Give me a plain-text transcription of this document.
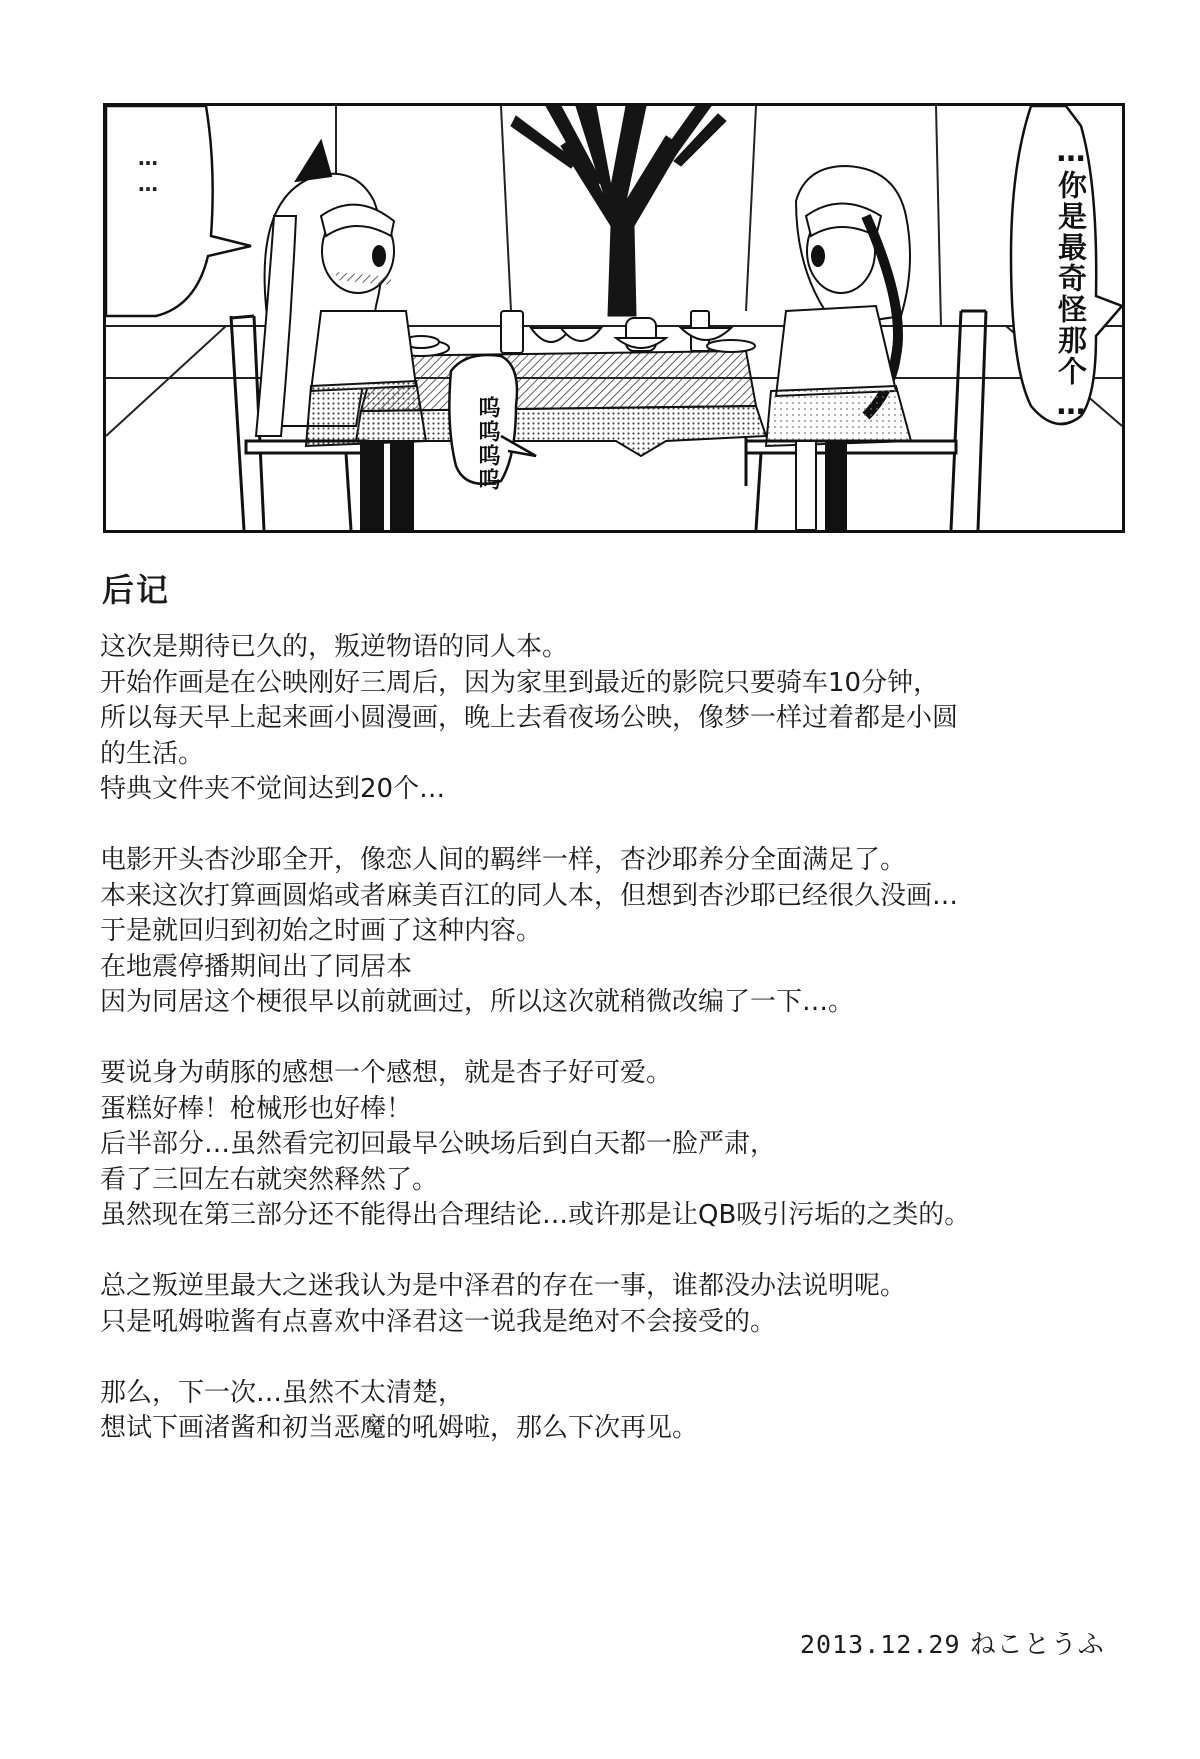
…你是最奇怪那个…
……
呜呜呜呜
后记
这次是期待已久的，叛逆物语的同人本。
开始作画是在公映刚好三周后，因为家里到最近的影院只要骑车10分钟，
所以每天早上起来画小圆漫画，晚上去看夜场公映，像梦一样过着都是小圆
的生活。
特典文件夹不觉间达到20个…
电影开头杏沙耶全开，像恋人间的羁绊一样，杏沙耶养分全面满足了。
本来这次打算画圆焰或者麻美百江的同人本，但想到杏沙耶已经很久没画…
于是就回归到初始之时画了这种内容。
在地震停播期间出了同居本
因为同居这个梗很早以前就画过，所以这次就稍微改编了一下…。
要说身为萌豚的感想一个感想，就是杏子好可爱。
蛋糕好棒！枪械形也好棒！
后半部分…虽然看完初回最早公映场后到白天都一脸严肃，
看了三回左右就突然释然了。
虽然现在第三部分还不能得出合理结论…或许那是让QB吸引污垢的之类的。
总之叛逆里最大之迷我认为是中泽君的存在一事，谁都没办法说明呢。
只是吼姆啦酱有点喜欢中泽君这一说我是绝对不会接受的。
那么，下一次…虽然不太清楚，
想试下画渚酱和初当恶魔的吼姆啦，那么下次再见。
2013.12.29 ねことうふ
